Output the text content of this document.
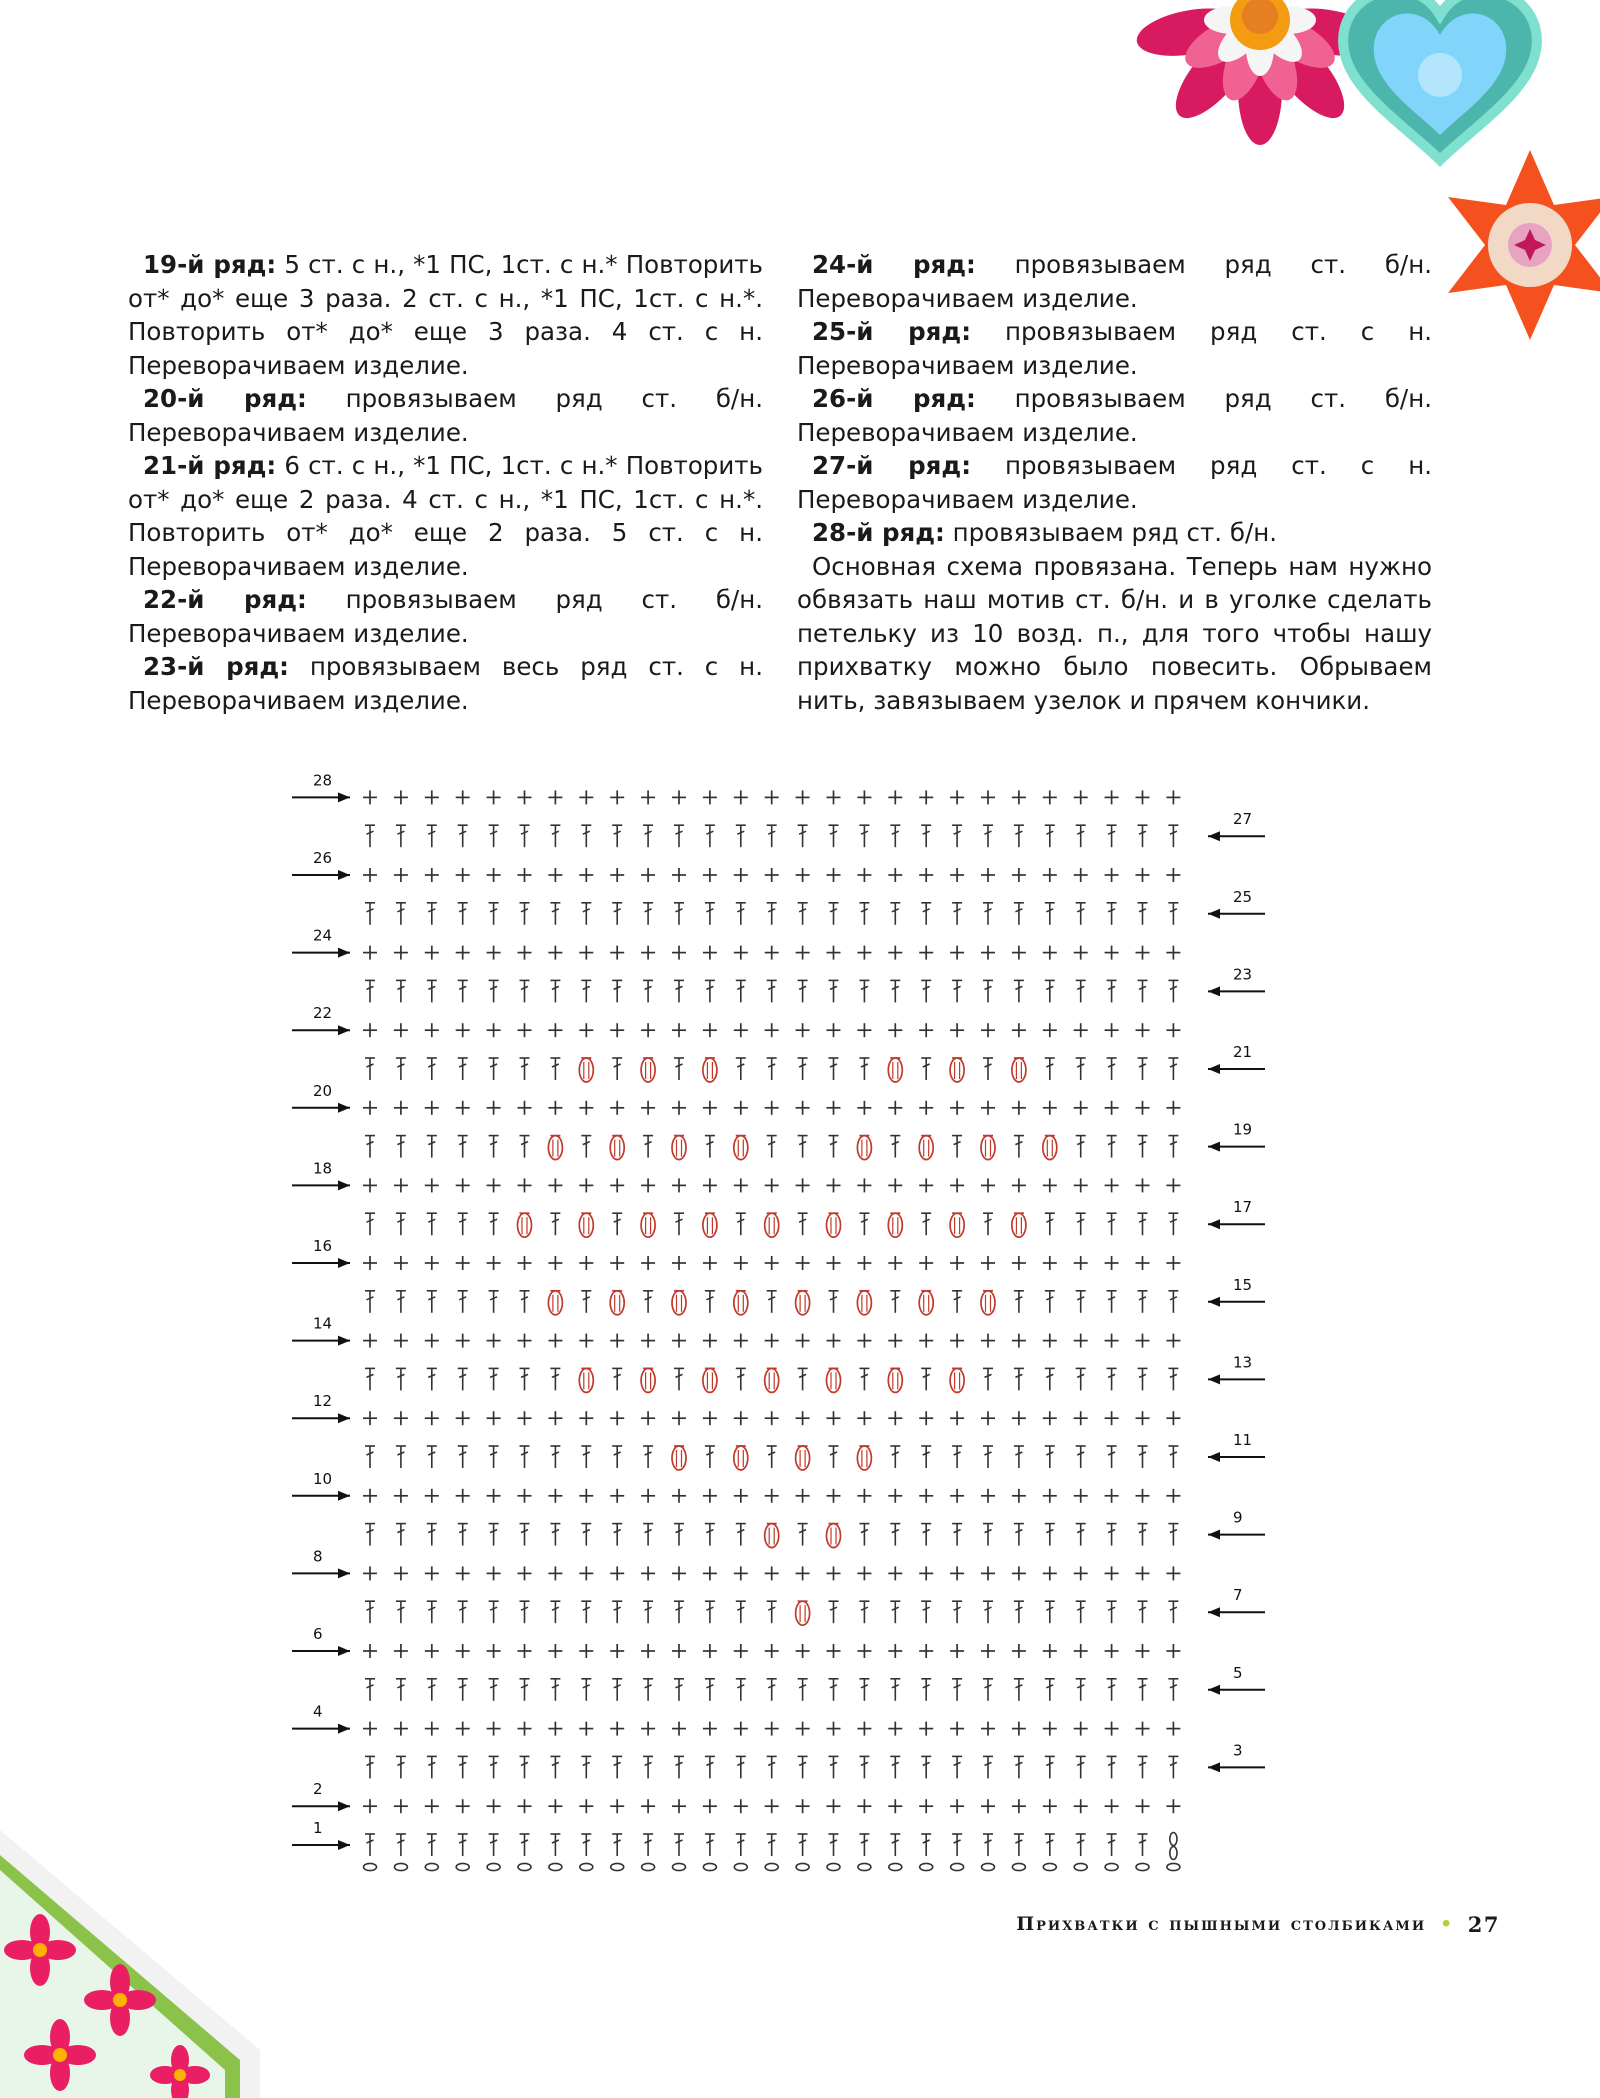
19-й ряд: 5 ст. с н., *1 ПС, 1ст. с н.* Повторить от* до* еще 3 раза. 2 ст. с н., *1 ПС, 1ст. с н.*. Повторить от* до* еще 3 раза. 4 ст. с н. Переворачиваем изделие.

20-й ряд: провязываем ряд ст. б/н. Переворачиваем изделие.

21-й ряд: 6 ст. с н., *1 ПС, 1ст. с н.* Повторить от* до* еще 2 раза. 4 ст. с н., *1 ПС, 1ст. с н.*. Повторить от* до* еще 2 раза. 5 ст. с н. Переворачиваем изделие.

22-й ряд: провязываем ряд ст. б/н. Переворачиваем изделие.

23-й ряд: провязываем весь ряд ст. с н. Переворачиваем изделие.

24-й ряд: провязываем ряд ст. б/н. Переворачиваем изделие.

25-й ряд: провязываем ряд ст. с н. Переворачиваем изделие.

26-й ряд: провязываем ряд ст. б/н. Переворачиваем изделие.

27-й ряд: провязываем ряд ст. с н. Переворачиваем изделие.

28-й ряд: провязываем ряд ст. б/н.

Основная схема провязана. Теперь нам нужно обвязать наш мотив ст. б/н. и в уголке сделать петельку из 10 возд. п., для того чтобы нашу прихватку можно было повесить. Обрываем нить, завязываем узелок и прячем кончики.

1
2
4
6
8
10
12
14
16
18
20
22
24
26
28
3
5
7
9
11
13
15
17
19
21
23
25
27
Прихватки с пышными столбиками • 27
